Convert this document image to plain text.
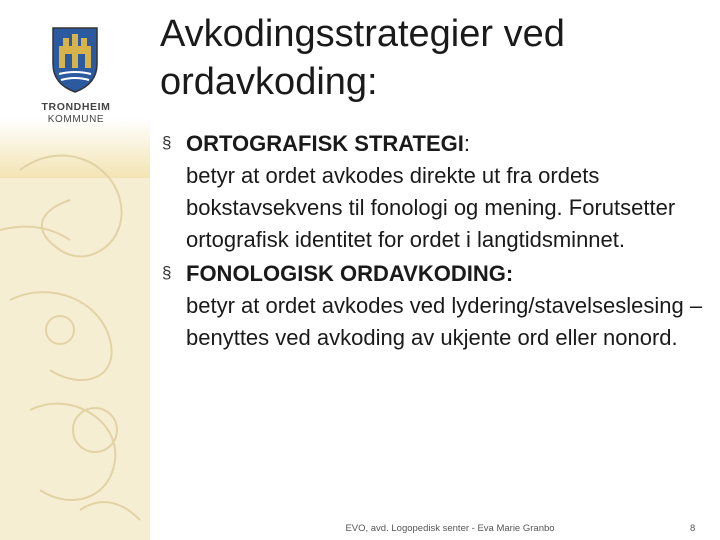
TRONDHEIM
KOMMUNE
Avkodingsstrategier ved ordavkoding:
§ ORTOGRAFISK STRATEGI:
betyr at ordet avkodes direkte ut fra ordets bokstavsekvens til fonologi og mening. Forutsetter ortografisk identitet for ordet i langtidsminnet.
§ FONOLOGISK ORDAVKODING:
betyr at ordet avkodes ved lydering/stavelseslesing – benyttes ved avkoding av ukjente ord eller nonord.
EVO, avd. Logopedisk senter - Eva Marie Granbo	8
